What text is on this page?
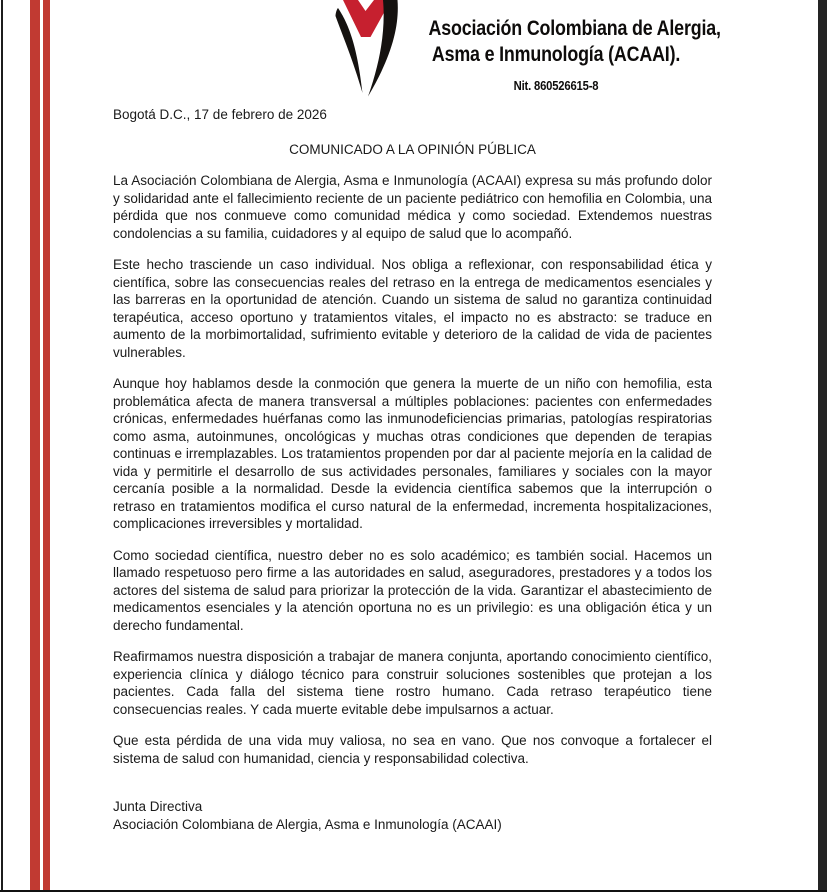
Asociación Colombiana de Alergia,
Asma e Inmunología (ACAAI).
Nit. 860526615-8
Bogotá D.C., 17 de febrero de 2026
COMUNICADO A LA OPINIÓN PÚBLICA

La Asociación Colombiana de Alergia, Asma e Inmunología (ACAAI) expresa su más profundo dolor y solidaridad ante el fallecimiento reciente de un paciente pediátrico con hemofilia en Colombia, una pérdida que nos conmueve como comunidad médica y como sociedad. Extendemos nuestras condolencias a su familia, cuidadores y al equipo de salud que lo acompañó.

Este hecho trasciende un caso individual. Nos obliga a reflexionar, con responsabilidad ética y científica, sobre las consecuencias reales del retraso en la entrega de medicamentos esenciales y las barreras en la oportunidad de atención. Cuando un sistema de salud no garantiza continuidad terapéutica, acceso oportuno y tratamientos vitales, el impacto no es abstracto: se traduce en aumento de la morbimortalidad, sufrimiento evitable y deterioro de la calidad de vida de pacientes vulnerables.

Aunque hoy hablamos desde la conmoción que genera la muerte de un niño con hemofilia, esta problemática afecta de manera transversal a múltiples poblaciones: pacientes con enfermedades crónicas, enfermedades huérfanas como las inmunodeficiencias primarias, patologías respiratorias como asma, autoinmunes, oncológicas y muchas otras condiciones que dependen de terapias continuas e irremplazables. Los tratamientos propenden por dar al paciente mejoría en la calidad de vida y permitirle el desarrollo de sus actividades personales, familiares y sociales con la mayor cercanía posible a la normalidad. Desde la evidencia científica sabemos que la interrupción o retraso en tratamientos modifica el curso natural de la enfermedad, incrementa hospitalizaciones, complicaciones irreversibles y mortalidad.

Como sociedad científica, nuestro deber no es solo académico; es también social. Hacemos un llamado respetuoso pero firme a las autoridades en salud, aseguradores, prestadores y a todos los actores del sistema de salud para priorizar la protección de la vida. Garantizar el abastecimiento de medicamentos esenciales y la atención oportuna no es un privilegio: es una obligación ética y un derecho fundamental.

Reafirmamos nuestra disposición a trabajar de manera conjunta, aportando conocimiento científico, experiencia clínica y diálogo técnico para construir soluciones sostenibles que protejan a los pacientes. Cada falla del sistema tiene rostro humano. Cada retraso terapéutico tiene consecuencias reales. Y cada muerte evitable debe impulsarnos a actuar.

Que esta pérdida de una vida muy valiosa, no sea en vano. Que nos convoque a fortalecer el sistema de salud con humanidad, ciencia y responsabilidad colectiva.

Junta Directiva
Asociación Colombiana de Alergia, Asma e Inmunología (ACAAI)
